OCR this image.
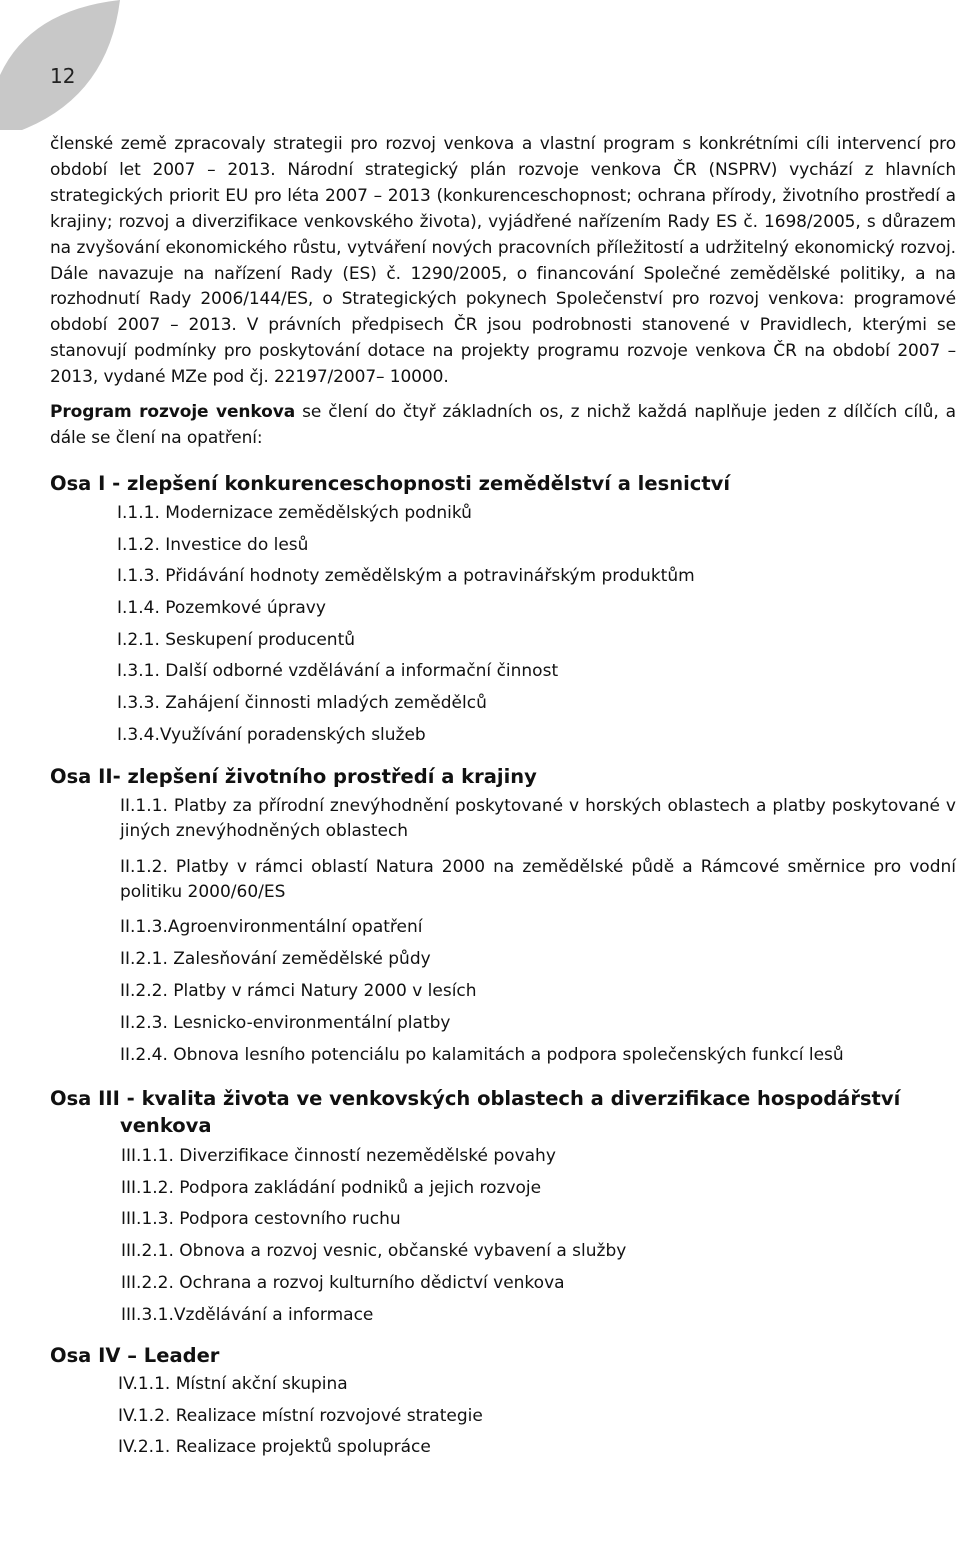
12

členské země zpracovaly strategii pro rozvoj venkova a vlastní program s konkrétními cíli intervencí pro období let 2007 – 2013. Národní strategický plán rozvoje venkova ČR (NSPRV) vychází z hlavních strategických priorit EU pro léta 2007 – 2013 (konkurenceschopnost; ochrana přírody, životního prostředí a krajiny; rozvoj a diverzifikace venkovského života), vyjádřené nařízením Rady ES č. 1698/2005, s důrazem na zvyšování ekonomického růstu, vytváření nových pracovních příležitostí a udržitelný ekonomický rozvoj. Dále navazuje na nařízení Rady (ES) č. 1290/2005, o financování Společné zemědělské politiky, a na rozhodnutí Rady 2006/144/ES, o Strategických pokynech Společenství pro rozvoj venkova: programové období 2007 – 2013. V právních předpisech ČR jsou podrobnosti stanovené v Pravidlech, kterými se stanovují podmínky pro poskytování dotace na projekty programu rozvoje venkova ČR na období 2007 – 2013, vydané MZe pod čj. 22197/2007– 10000.

Program rozvoje venkova se člení do čtyř základních os, z nichž každá naplňuje jeden z dílčích cílů, a dále se člení na opatření:

Osa I - zlepšení konkurenceschopnosti zemědělství a lesnictví
I.1.1. Modernizace zemědělských podniků
I.1.2. Investice do lesů
I.1.3. Přidávání hodnoty zemědělským a potravinářským produktům
I.1.4. Pozemkové úpravy
I.2.1. Seskupení producentů
I.3.1. Další odborné vzdělávání a informační činnost
I.3.3. Zahájení činnosti mladých zemědělců
I.3.4.Využívání poradenských služeb
Osa II- zlepšení životního prostředí a krajiny
II.1.1. Platby za přírodní znevýhodnění poskytované v horských oblastech a platby poskytované v jiných znevýhodněných oblastech
II.1.2. Platby v rámci oblastí Natura 2000 na zemědělské půdě a Rámcové směrnice pro vodní politiku 2000/60/ES
II.1.3.Agroenvironmentální opatření
II.2.1. Zalesňování zemědělské půdy
II.2.2. Platby v rámci Natury 2000 v lesích
II.2.3. Lesnicko-environmentální platby
II.2.4. Obnova lesního potenciálu po kalamitách a podpora společenských funkcí lesů
Osa III - kvalita života ve venkovských oblastech a diverzifikace hospodářství
venkova
III.1.1. Diverzifikace činností nezemědělské povahy
III.1.2. Podpora zakládání podniků a jejich rozvoje
III.1.3. Podpora cestovního ruchu
III.2.1. Obnova a rozvoj vesnic, občanské vybavení a služby
III.2.2. Ochrana a rozvoj kulturního dědictví venkova
III.3.1.Vzdělávání a informace
Osa IV – Leader
IV.1.1. Místní akční skupina
IV.1.2. Realizace místní rozvojové strategie
IV.2.1. Realizace projektů spolupráce
